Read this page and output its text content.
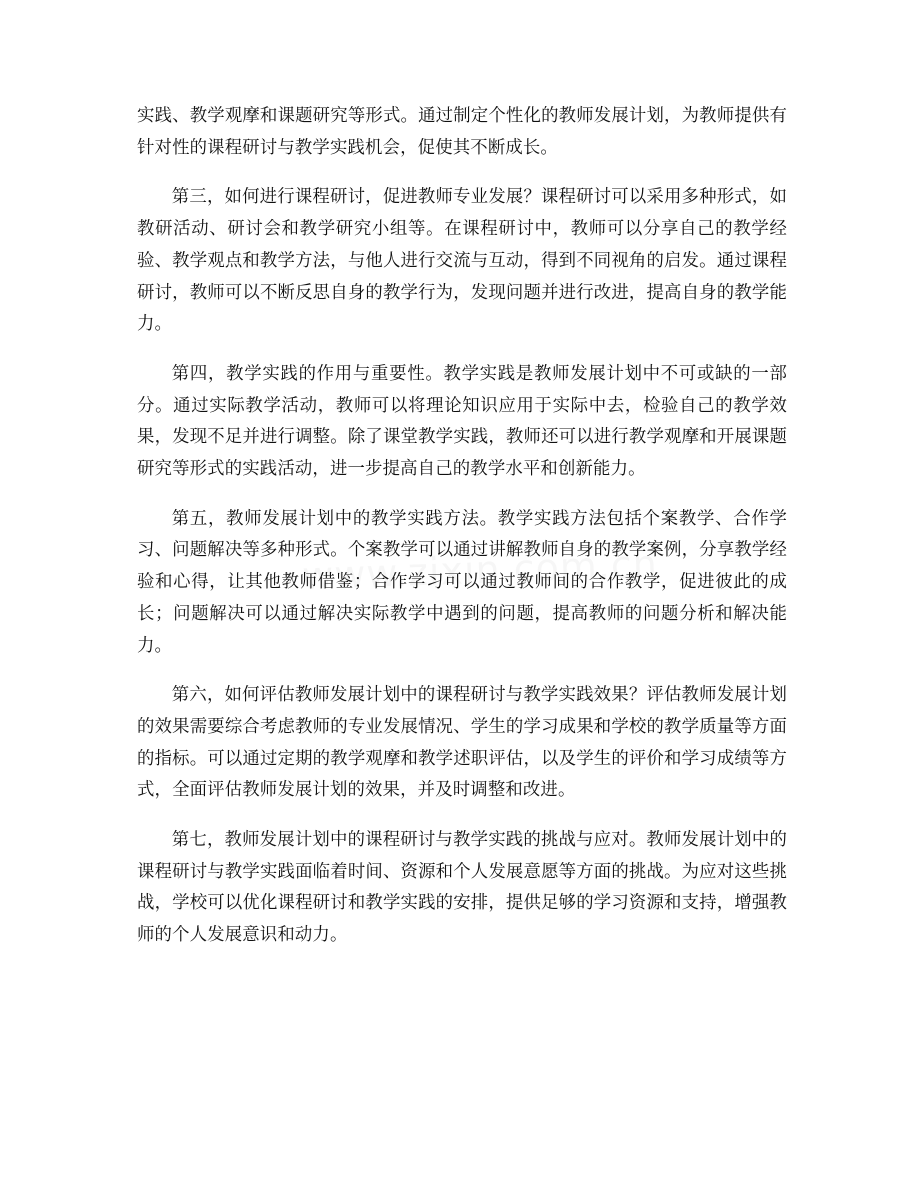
实践、教学观摩和课题研究等形式。通过制定个性化的教师发展计划，为教师提供有针对性的课程研讨与教学实践机会，促使其不断成长。

第三，如何进行课程研讨，促进教师专业发展？课程研讨可以采用多种形式，如教研活动、研讨会和教学研究小组等。在课程研讨中，教师可以分享自己的教学经验、教学观点和教学方法，与他人进行交流与互动，得到不同视角的启发。通过课程研讨，教师可以不断反思自身的教学行为，发现问题并进行改进，提高自身的教学能力。

第四，教学实践的作用与重要性。教学实践是教师发展计划中不可或缺的一部分。通过实际教学活动，教师可以将理论知识应用于实际中去，检验自己的教学效果，发现不足并进行调整。除了课堂教学实践，教师还可以进行教学观摩和开展课题研究等形式的实践活动，进一步提高自己的教学水平和创新能力。

第五，教师发展计划中的教学实践方法。教学实践方法包括个案教学、合作学习、问题解决等多种形式。个案教学可以通过讲解教师自身的教学案例，分享教学经验和心得，让其他教师借鉴；合作学习可以通过教师间的合作教学，促进彼此的成长；问题解决可以通过解决实际教学中遇到的问题，提高教师的问题分析和解决能力。

第六，如何评估教师发展计划中的课程研讨与教学实践效果？评估教师发展计划的效果需要综合考虑教师的专业发展情况、学生的学习成果和学校的教学质量等方面的指标。可以通过定期的教学观摩和教学述职评估，以及学生的评价和学习成绩等方式，全面评估教师发展计划的效果，并及时调整和改进。

第七，教师发展计划中的课程研讨与教学实践的挑战与应对。教师发展计划中的课程研讨与教学实践面临着时间、资源和个人发展意愿等方面的挑战。为应对这些挑战，学校可以优化课程研讨和教学实践的安排，提供足够的学习资源和支持，增强教师的个人发展意识和动力。
